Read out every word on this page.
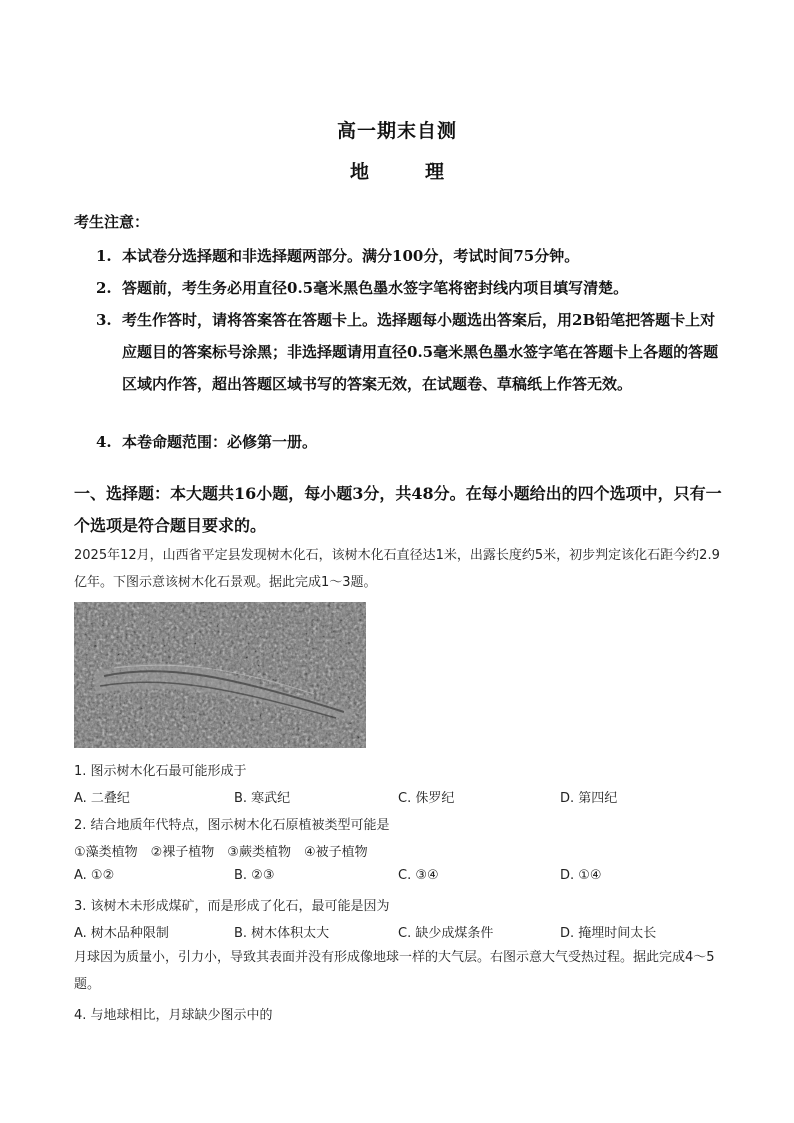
高一期末自测
地	理
考生注意：
1. 本试卷分选择题和非选择题两部分。满分100分，考试时间75分钟。
2. 答题前，考生务必用直径0.5毫米黑色墨水签字笔将密封线内项目填写清楚。
3. 考生作答时，请将答案答在答题卡上。选择题每小题选出答案后，用2B铅笔把答题卡上对应题目的答案标号涂黑；非选择题请用直径0.5毫米黑色墨水签字笔在答题卡上各题的答题区域内作答，超出答题区域书写的答案无效，在试题卷、草稿纸上作答无效。
4. 本卷命题范围：必修第一册。
一、选择题：本大题共16小题，每小题3分，共48分。在每小题给出的四个选项中，只有一个选项是符合题目要求的。
2025年12月，山西省平定县发现树木化石，该树木化石直径达1米，出露长度约5米，初步判定该化石距今约2.9亿年。下图示意该树木化石景观。据此完成1～3题。
1. 图示树木化石最可能形成于
A. 二叠纪	B. 寒武纪	C. 侏罗纪	D. 第四纪
2. 结合地质年代特点，图示树木化石原植被类型可能是
①藻类植物　②裸子植物　③蕨类植物　④被子植物
A. ①②	B. ②③	C. ③④	D. ①④
3. 该树木未形成煤矿，而是形成了化石，最可能是因为
A. 树木品种限制	B. 树木体积太大	C. 缺少成煤条件	D. 掩埋时间太长
月球因为质量小，引力小，导致其表面并没有形成像地球一样的大气层。右图示意大气受热过程。据此完成4～5题。
4. 与地球相比，月球缺少图示中的
